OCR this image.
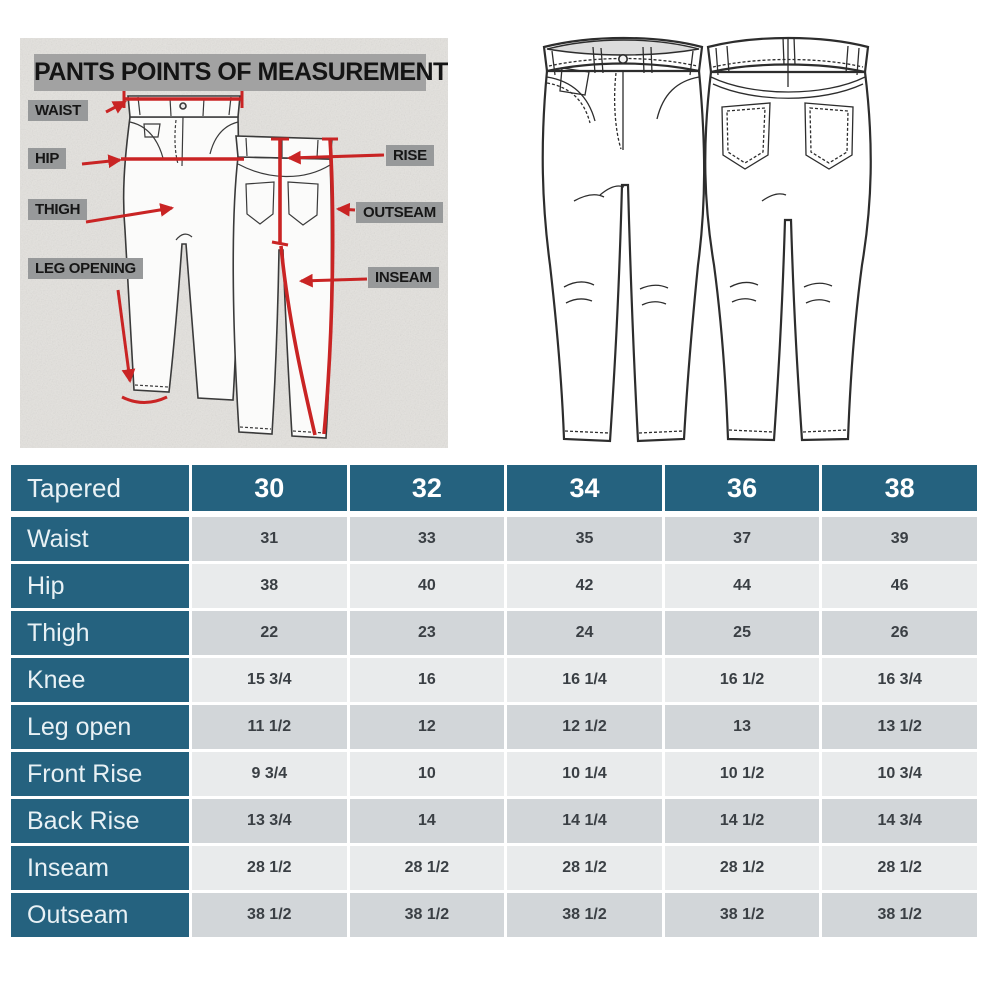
PANTS POINTS OF MEASUREMENT
WAIST
HIP
THIGH
LEG OPENING
RISE
OUTSEAM
INSEAM
Tapered	30	32	34	36	38
Waist	31	33	35	37	39
Hip	38	40	42	44	46
Thigh	22	23	24	25	26
Knee	15 3/4	16	16 1/4	16 1/2	16 3/4
Leg open	11 1/2	12	12 1/2	13	13 1/2
Front Rise	9 3/4	10	10 1/4	10 1/2	10 3/4
Back Rise	13 3/4	14	14 1/4	14 1/2	14 3/4
Inseam	28 1/2	28 1/2	28 1/2	28 1/2	28 1/2
Outseam	38 1/2	38 1/2	38 1/2	38 1/2	38 1/2
